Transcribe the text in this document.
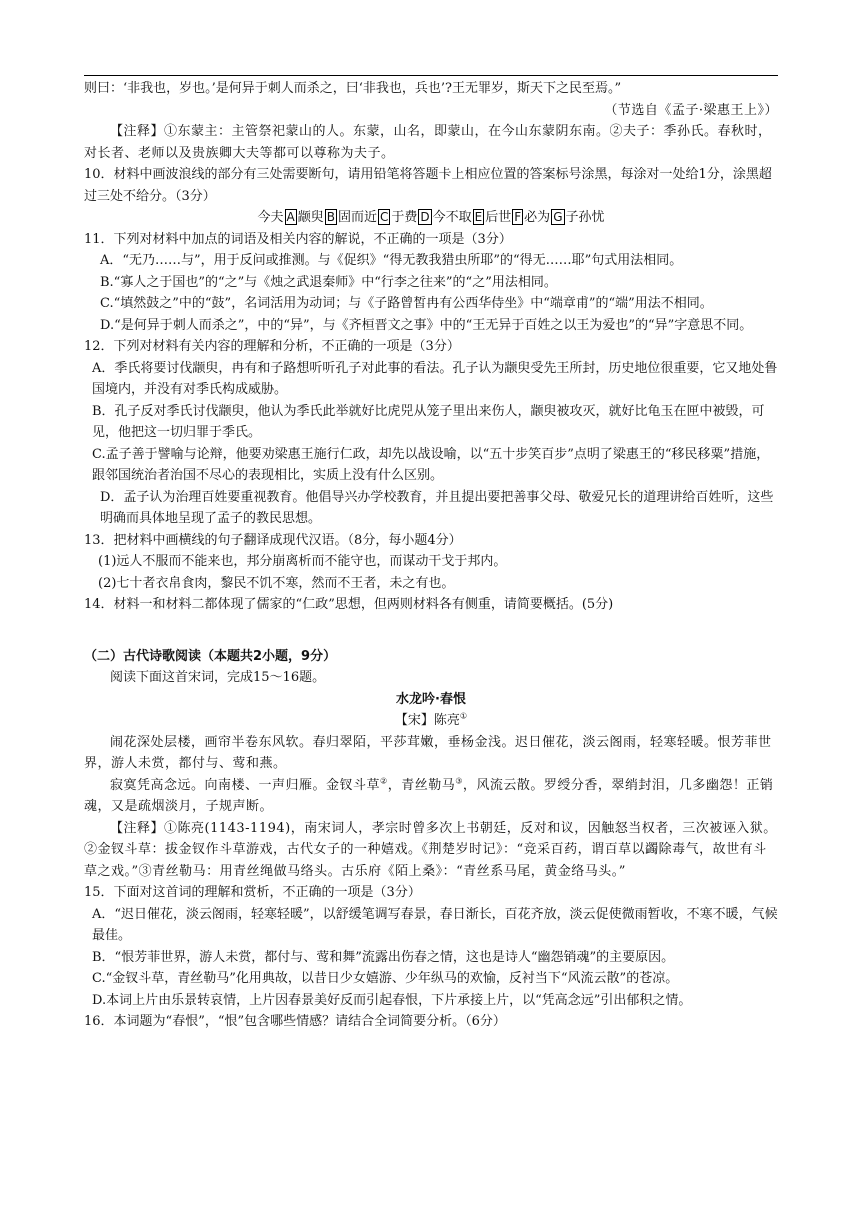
则曰：‘非我也，岁也。’是何异于刺人而杀之，曰‘非我也，兵也’?王无罪岁，斯天下之民至焉。”

（节选自《孟子·梁惠王上》）

【注释】①东蒙主：主管祭祀蒙山的人。东蒙，山名，即蒙山，在今山东蒙阴东南。②夫子：季孙氏。春秋时，对长者、老师以及贵族卿大夫等都可以尊称为夫子。

10．材料中画波浪线的部分有三处需要断句，请用铅笔将答题卡上相应位置的答案标号涂黑，每涂对一处给1分，涂黑超过三处不给分。（3分）

今夫 A 颛臾 B 固而近 C 于费 D 今不取 E 后世 F 必为 G 子孙忧

11．下列对材料中加点的词语及相关内容的解说，不正确的一项是（3分）

A．“无乃……与”，用于反问或推测。与《促织》“得无教我猎虫所耶”的“得无……耶”句式用法相同。

B.“寡人之于国也”的“之”与《烛之武退秦师》中“行李之往来”的“之”用法相同。

C.“填然鼓之”中的“鼓”，名词活用为动词；与《子路曾皙冉有公西华侍坐》中“端章甫”的“端”用法不相同。

D.“是何异于刺人而杀之”，中的“异”，与《齐桓晋文之事》中的“王无异于百姓之以王为爱也”的“异”字意思不同。

12．下列对材料有关内容的理解和分析，不正确的一项是（3分）

A．季氏将要讨伐颛臾，冉有和子路想听听孔子对此事的看法。孔子认为颛臾受先王所封，历史地位很重要，它又地处鲁国境内，并没有对季氏构成威胁。

B．孔子反对季氏讨伐颛臾，他认为季氏此举就好比虎兕从笼子里出来伤人，颛臾被攻灭，就好比龟玉在匣中被毁，可见，他把这一切归罪于季氏。

C.孟子善于譬喻与论辩，他要劝梁惠王施行仁政，却先以战设喻，以“五十步笑百步”点明了梁惠王的“移民移粟”措施，跟邻国统治者治国不尽心的表现相比，实质上没有什么区别。

D．孟子认为治理百姓要重视教育。他倡导兴办学校教育，并且提出要把善事父母、敬爱兄长的道理讲给百姓听，这些明确而具体地呈现了孟子的教民思想。

13．把材料中画横线的句子翻译成现代汉语。（8分，每小题4分）

(1)远人不服而不能来也，邦分崩离析而不能守也，而谋动干戈于邦内。

(2)七十者衣帛食肉，黎民不饥不寒，然而不王者，未之有也。

14．材料一和材料二都体现了儒家的“仁政”思想，但两则材料各有侧重，请简要概括。(5分)

（二）古代诗歌阅读（本题共2小题，9分）

阅读下面这首宋词，完成15～16题。

水龙吟·春恨

【宋】陈亮①

闹花深处层楼，画帘半卷东风软。春归翠陌，平莎茸嫩，垂杨金浅。迟日催花，淡云阁雨，轻寒轻暖。恨芳菲世界，游人未赏，都付与、莺和燕。

寂寞凭高念远。向南楼、一声归雁。金钗斗草②，青丝勒马③，风流云散。罗绶分香，翠绡封泪，几多幽怨！正销魂，又是疏烟淡月，子规声断。

【注释】①陈亮(1143-1194)，南宋词人，孝宗时曾多次上书朝廷，反对和议，因触怒当权者，三次被诬入狱。②金钗斗草：拔金钗作斗草游戏，古代女子的一种嬉戏。《荆楚岁时记》：“竞采百药，谓百草以蠲除毒气，故世有斗草之戏。”③青丝勒马：用青丝绳做马络头。古乐府《陌上桑》：“青丝系马尾，黄金络马头。”

15．下面对这首词的理解和赏析，不正确的一项是（3分）

A．“迟日催花，淡云阁雨，轻寒轻暖”，以舒缓笔调写春景，春日渐长，百花齐放，淡云促使微雨暂收，不寒不暖，气候最佳。

B．“恨芳菲世界，游人未赏，都付与、莺和舞”流露出伤春之情，这也是诗人“幽怨销魂”的主要原因。

C.“金钗斗草，青丝勒马”化用典故，以昔日少女嬉游、少年纵马的欢愉，反衬当下“风流云散”的苍凉。

D.本词上片由乐景转哀情，上片因春景美好反而引起春恨，下片承接上片，以“凭高念远”引出郁积之情。

16．本词题为“春恨”，“恨”包含哪些情感？请结合全词简要分析。（6分）
